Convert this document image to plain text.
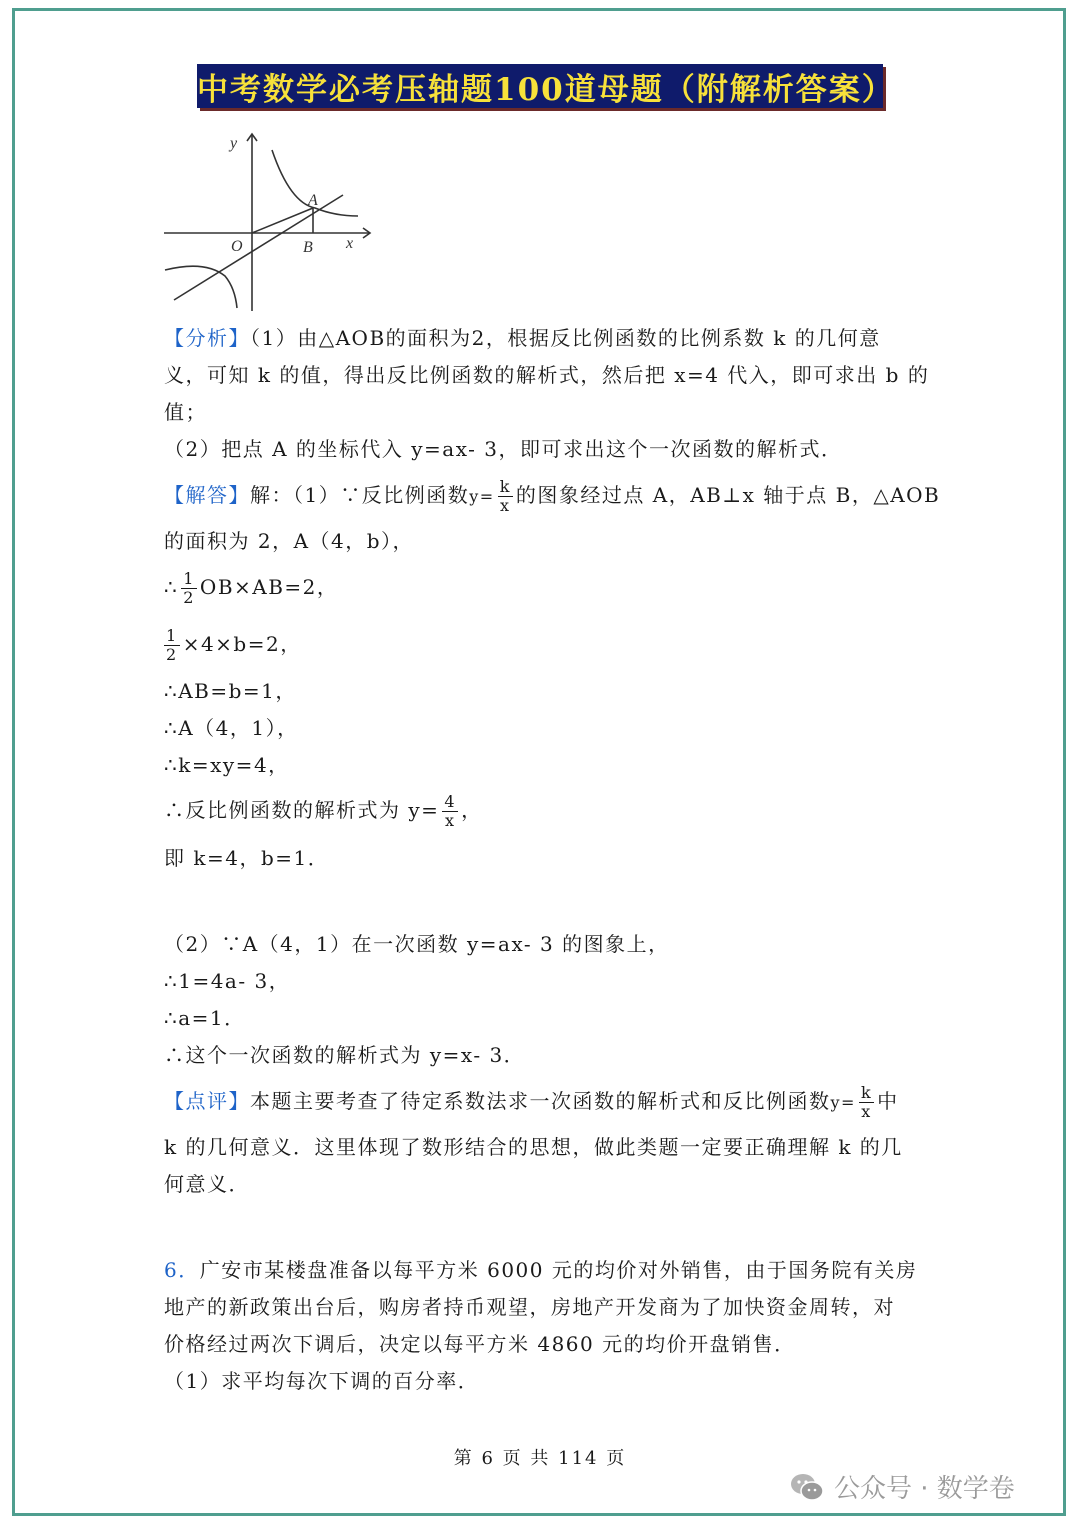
中考数学必考压轴题100道母题（附解析答案）
y
x
O
A
B
【分析】（1）由△AOB的面积为2，根据反比例函数的比例系数 k 的几何意
义，可知 k 的值，得出反比例函数的解析式，然后把 x=4 代入，即可求出 b 的
值；
（2）把点 A 的坐标代入 y=ax- 3，即可求出这个一次函数的解析式．
【解答】解：（1）∵反比例函数$y= \frac{k}{x}$ 的图象经过点 A，AB⊥x 轴于点 B，△AOB
的面积为 2，A（4，b），
∴ $\frac{1}{2} OB\times AB=2$，
$\frac{1}{2} \times 4\times b=2$，
∴AB=b=1，
∴A（4，1），
∴k=xy=4，
∴反比例函数的解析式为 $y= \frac{4}{x}$ ，
即 k=4，b=1．
（2）∵A（4，1）在一次函数 y=ax- 3 的图象上，
∴1=4a- 3，
∴a=1．
∴这个一次函数的解析式为 y=x- 3．
【点评】本题主要考查了待定系数法求一次函数的解析式和反比例函数$y= \frac{k}{x}$ 中
k 的几何意义．这里体现了数形结合的思想，做此类题一定要正确理解 k 的几
何意义．
6．广安市某楼盘准备以每平方米 6000 元的均价对外销售，由于国务院有关房
地产的新政策出台后，购房者持币观望，房地产开发商为了加快资金周转，对
价格经过两次下调后，决定以每平方米 4860 元的均价开盘销售．
（1）求平均每次下调的百分率．
第 6 页 共 114 页
公众号 · 数学卷
